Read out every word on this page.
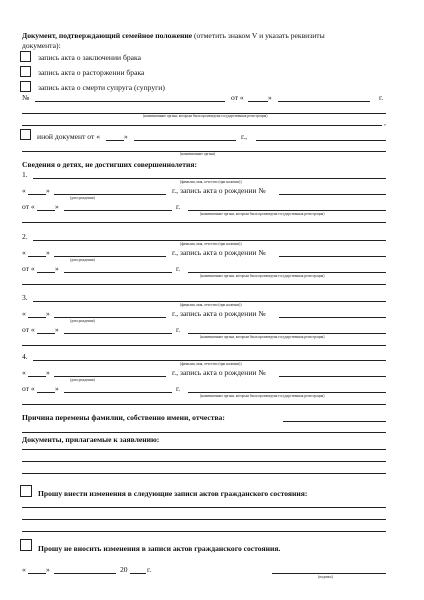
Документ, подтверждающий семейное положение (отметить знаком V и указать реквизиты
документа):
запись акта о заключении брака
запись акта о расторжении брака
запись акта о смерти супруга (супруги)
№	от «	»	г.
(наименование органа, которым была произведена государственная регистрация)
,
иной документ от «	»	г.,
(наименование органа)
Сведения о детях, не достигших совершеннолетия:
1.
(фамилия, имя, отчество (при наличии))
«	»	г., запись акта о рождении №
(дата рождения)
от «	»	г.
(наименование органа, которым была произведена государственная регистрация)
2.
(фамилия, имя, отчество (при наличии))
«	»	г., запись акта о рождении №
(дата рождения)
от «	»	г.
(наименование органа, которым была произведена государственная регистрация)
3.
(фамилия, имя, отчество (при наличии))
«	»	г., запись акта о рождении №
(дата рождения)
от «	»	г.
(наименование органа, которым была произведена государственная регистрация)
4.
(фамилия, имя, отчество (при наличии))
«	»	г., запись акта о рождении №
(дата рождения)
от «	»	г.
(наименование органа, которым была произведена государственная регистрация)
Причина перемены фамилии, собственно имени, отчества:
Документы, прилагаемые к заявлению:
Прошу внести изменения в следующие записи актов гражданского состояния:
Прошу не вносить изменения в записи актов гражданского состояния.
«	»	20	г.
(подпись)
